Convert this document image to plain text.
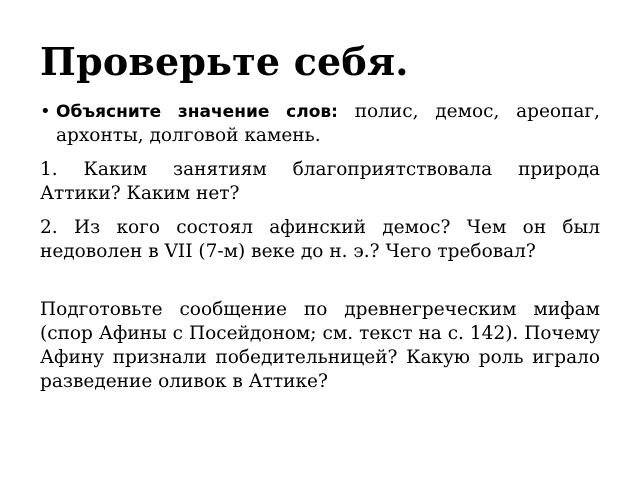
Проверьте себя.

• Объясните значение слов: полис, демос, ареопаг, архонты, долговой камень.

1. Каким занятиям благоприятствовала природа Аттики? Каким нет?

2. Из кого состоял афинский демос? Чем он был недоволен в VII (7-м) веке до н. э.? Чего требовал?

Подготовьте сообщение по древнегреческим мифам (спор Афины с Посейдоном; см. текст на с. 142). Почему Афину признали победительницей? Какую роль играло разведение оливок в Аттике?
